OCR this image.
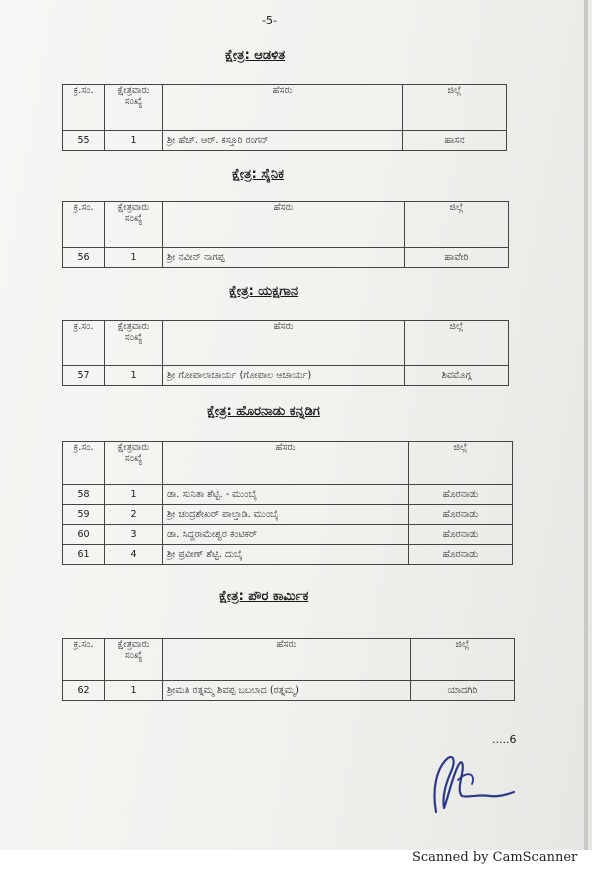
-5-
ಕ್ಷೇತ್ರ: ಆಡಳಿತ
ಕ್ರ.ಸಂ.	ಕ್ಷೇತ್ರವಾರು ಸಂಖ್ಯೆ	ಹೆಸರು	ಜಿಲ್ಲೆ
55	1	ಶ್ರೀ ಹೆಚ್. ಆರ್. ಕಸ್ತೂರಿ ರಂಗನ್	ಹಾಸನ
ಕ್ಷೇತ್ರ: ಸೈನಿಕ
ಕ್ರ.ಸಂ.	ಕ್ಷೇತ್ರವಾರು ಸಂಖ್ಯೆ	ಹೆಸರು	ಜಿಲ್ಲೆ
56	1	ಶ್ರೀ ನವೀನ್ ನಾಗಪ್ಪ	ಹಾವೇರಿ
ಕ್ಷೇತ್ರ: ಯಕ್ಷಗಾನ
ಕ್ರ.ಸಂ.	ಕ್ಷೇತ್ರವಾರು ಸಂಖ್ಯೆ	ಹೆಸರು	ಜಿಲ್ಲೆ
57	1	ಶ್ರೀ ಗೋಪಾಲಾಚಾರ್ಯ (ಗೋಪಾಲ ಆಚಾರ್ಯ)	ಶಿವಮೊಗ್ಗ
ಕ್ಷೇತ್ರ: ಹೊರನಾಡು ಕನ್ನಡಿಗ
ಕ್ರ.ಸಂ.	ಕ್ಷೇತ್ರವಾರು ಸಂಖ್ಯೆ	ಹೆಸರು	ಜಿಲ್ಲೆ
58	1	ಡಾ. ಸುನಿತಾ ಶೆಟ್ಟಿ. - ಮುಂಬೈ	ಹೊರನಾಡು
59	2	ಶ್ರೀ ಚಂದ್ರಶೇಖರ್ ಪಾಲ್ತಾಡಿ. ಮುಂಬೈ	ಹೊರನಾಡು
60	3	ಡಾ. ಸಿದ್ದರಾಮೇಶ್ವರ ಕಂಟಿಕರ್	ಹೊರನಾಡು
61	4	ಶ್ರೀ ಪ್ರವೀಣ್ ಶೆಟ್ಟಿ. ದುಬೈ	ಹೊರನಾಡು
ಕ್ಷೇತ್ರ: ಪೌರ ಕಾರ್ಮಿಕ
ಕ್ರ.ಸಂ.	ಕ್ಷೇತ್ರವಾರು ಸಂಖ್ಯೆ	ಹೆಸರು	ಜಿಲ್ಲೆ
62	1	ಶ್ರೀಮತಿ ರತ್ನಮ್ಮ ಶಿವಪ್ಪ ಬಬಲಾದ (ರತ್ನಮ್ಮ)	ಯಾದಗಿರಿ
.....6
Scanned by CamScanner
